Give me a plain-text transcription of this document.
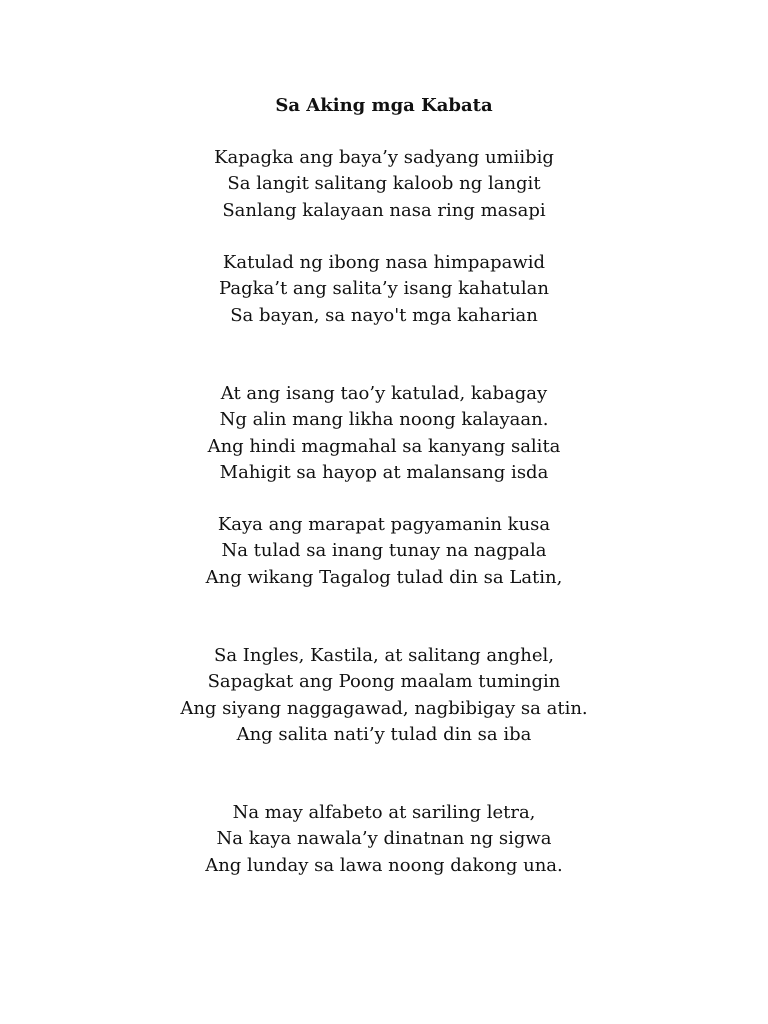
Sa Aking mga Kabata
Kapagka ang baya’y sadyang umiibig
Sa langit salitang kaloob ng langit
Sanlang kalayaan nasa ring masapi
Katulad ng ibong nasa himpapawid
Pagka’t ang salita’y isang kahatulan
Sa bayan, sa nayo't mga kaharian
At ang isang tao’y katulad, kabagay
Ng alin mang likha noong kalayaan.
Ang hindi magmahal sa kanyang salita
Mahigit sa hayop at malansang isda
Kaya ang marapat pagyamanin kusa
Na tulad sa inang tunay na nagpala
Ang wikang Tagalog tulad din sa Latin,
Sa Ingles, Kastila, at salitang anghel,
Sapagkat ang Poong maalam tumingin
Ang siyang naggagawad, nagbibigay sa atin.
Ang salita nati’y tulad din sa iba
Na may alfabeto at sariling letra,
Na kaya nawala’y dinatnan ng sigwa
Ang lunday sa lawa noong dakong una.
